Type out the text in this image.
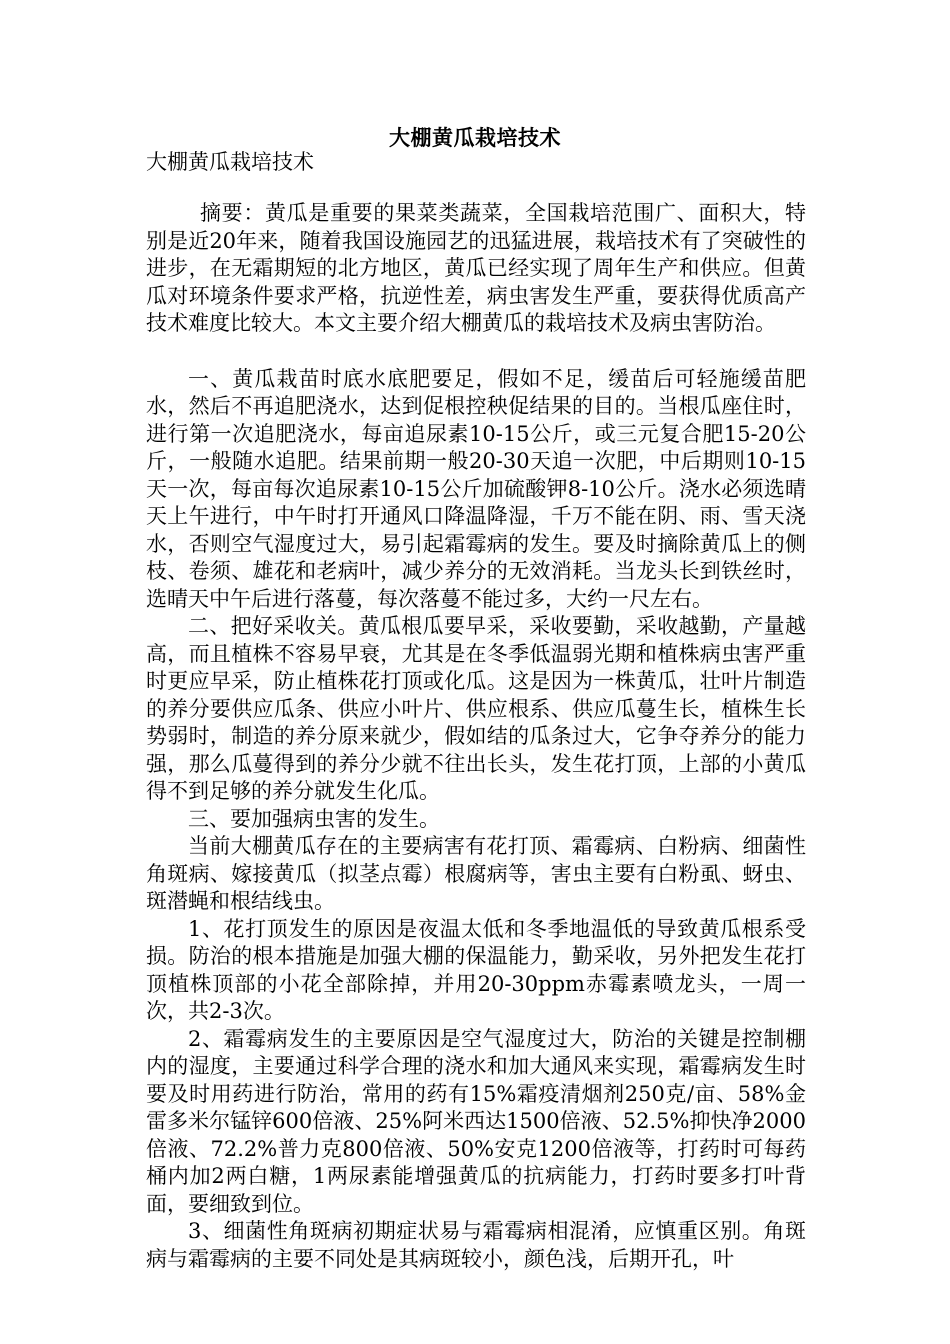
大棚黄瓜栽培技术
大棚黄瓜栽培技术

摘要：黄瓜是重要的果菜类蔬菜，全国栽培范围广、面积大，特别是近20年来，随着我国设施园艺的迅猛进展，栽培技术有了突破性的进步，在无霜期短的北方地区，黄瓜已经实现了周年生产和供应。但黄瓜对环境条件要求严格，抗逆性差，病虫害发生严重，要获得优质高产技术难度比较大。本文主要介绍大棚黄瓜的栽培技术及病虫害防治。

一、黄瓜栽苗时底水底肥要足，假如不足，缓苗后可轻施缓苗肥水，然后不再追肥浇水，达到促根控秧促结果的目的。当根瓜座住时，进行第一次追肥浇水，每亩追尿素10-15公斤，或三元复合肥15-20公斤，一般随水追肥。结果前期一般20-30天追一次肥，中后期则10-15天一次，每亩每次追尿素10-15公斤加硫酸钾8-10公斤。浇水必须选晴天上午进行，中午时打开通风口降温降湿，千万不能在阴、雨、雪天浇水，否则空气湿度过大，易引起霜霉病的发生。要及时摘除黄瓜上的侧枝、卷须、雄花和老病叶，减少养分的无效消耗。当龙头长到铁丝时，选晴天中午后进行落蔓，每次落蔓不能过多，大约一尺左右。

二、把好采收关。黄瓜根瓜要早采，采收要勤，采收越勤，产量越高，而且植株不容易早衰，尤其是在冬季低温弱光期和植株病虫害严重时更应早采，防止植株花打顶或化瓜。这是因为一株黄瓜，壮叶片制造的养分要供应瓜条、供应小叶片、供应根系、供应瓜蔓生长，植株生长势弱时，制造的养分原来就少，假如结的瓜条过大，它争夺养分的能力强，那么瓜蔓得到的养分少就不往出长头，发生花打顶，上部的小黄瓜得不到足够的养分就发生化瓜。

三、要加强病虫害的发生。

当前大棚黄瓜存在的主要病害有花打顶、霜霉病、白粉病、细菌性角斑病、嫁接黄瓜（拟茎点霉）根腐病等，害虫主要有白粉虱、蚜虫、斑潜蝇和根结线虫。

1、花打顶发生的原因是夜温太低和冬季地温低的导致黄瓜根系受损。防治的根本措施是加强大棚的保温能力，勤采收，另外把发生花打顶植株顶部的小花全部除掉，并用20-30ppm赤霉素喷龙头，一周一次，共2-3次。

2、霜霉病发生的主要原因是空气湿度过大，防治的关键是控制棚内的湿度，主要通过科学合理的浇水和加大通风来实现，霜霉病发生时要及时用药进行防治，常用的药有15%霜疫清烟剂250克/亩、58%金雷多米尔锰锌600倍液、25%阿米西达1500倍液、52.5%抑快净2000倍液、72.2%普力克800倍液、50%安克1200倍液等，打药时可每药桶内加2两白糖，1两尿素能增强黄瓜的抗病能力，打药时要多打叶背面，要细致到位。

3、细菌性角斑病初期症状易与霜霉病相混淆，应慎重区别。角斑病与霜霉病的主要不同处是其病斑较小，颜色浅，后期开孔，叶
